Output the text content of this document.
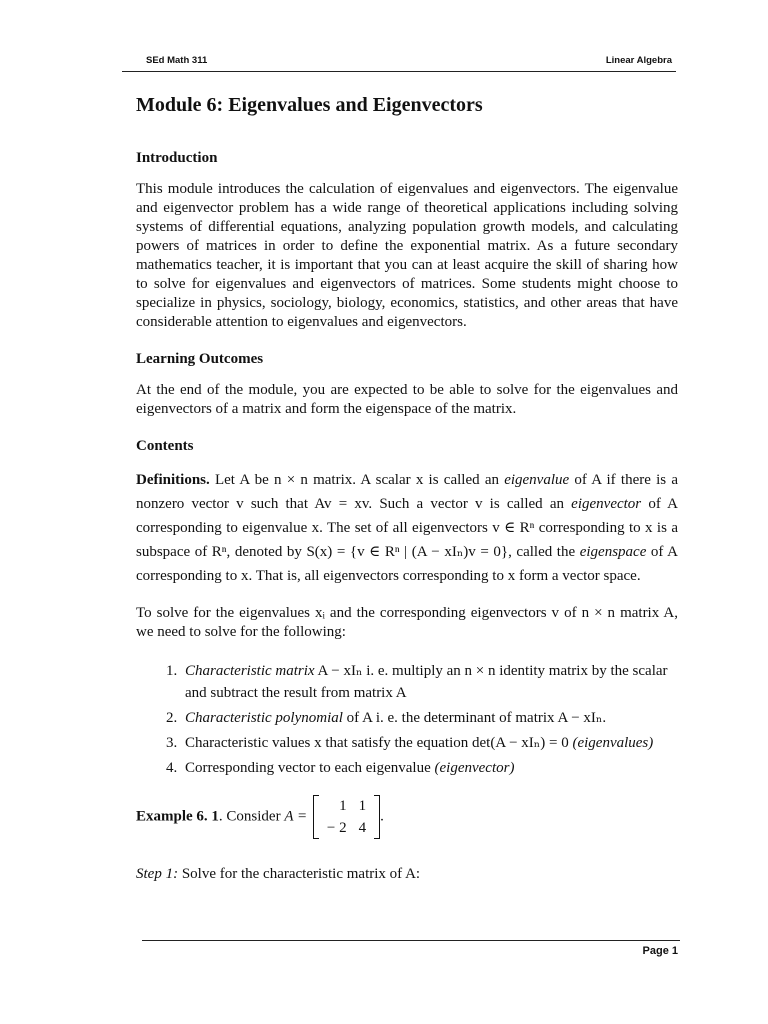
SEd Math 311	Linear Algebra
Module 6: Eigenvalues and Eigenvectors
Introduction

This module introduces the calculation of eigenvalues and eigenvectors. The eigenvalue and eigenvector problem has a wide range of theoretical applications including solving systems of differential equations, analyzing population growth models, and calculating powers of matrices in order to define the exponential matrix. As a future secondary mathematics teacher, it is important that you can at least acquire the skill of sharing how to solve for eigenvalues and eigenvectors of matrices. Some students might choose to specialize in physics, sociology, biology, economics, statistics, and other areas that have considerable attention to eigenvalues and eigenvectors.

Learning Outcomes

At the end of the module, you are expected to be able to solve for the eigenvalues and eigenvectors of a matrix and form the eigenspace of the matrix.

Contents

Definitions. Let A be n × n matrix. A scalar x is called an eigenvalue of A if there is a nonzero vector v such that Av = xv. Such a vector v is called an eigenvector of A corresponding to eigenvalue x. The set of all eigenvectors v ∈ Rⁿ corresponding to x is a subspace of Rⁿ, denoted by S(x) = {v ∈ Rⁿ | (A − xIₙ)v = 0}, called the eigenspace of A corresponding to x. That is, all eigenvectors corresponding to x form a vector space.

To solve for the eigenvalues xᵢ and the corresponding eigenvectors v of n × n matrix A, we need to solve for the following:

1. Characteristic matrix A − xIₙ i. e. multiply an n × n identity matrix by the scalar and subtract the result from matrix A
2. Characteristic polynomial of A i. e. the determinant of matrix A − xIₙ.
3. Characteristic values x that satisfy the equation det(A − xIₙ) = 0 (eigenvalues)
4. Corresponding vector to each eigenvalue (eigenvector)
Example 6. 1. Consider A =
1	1
− 2	4
.

Step 1: Solve for the characteristic matrix of A:

Page 1
